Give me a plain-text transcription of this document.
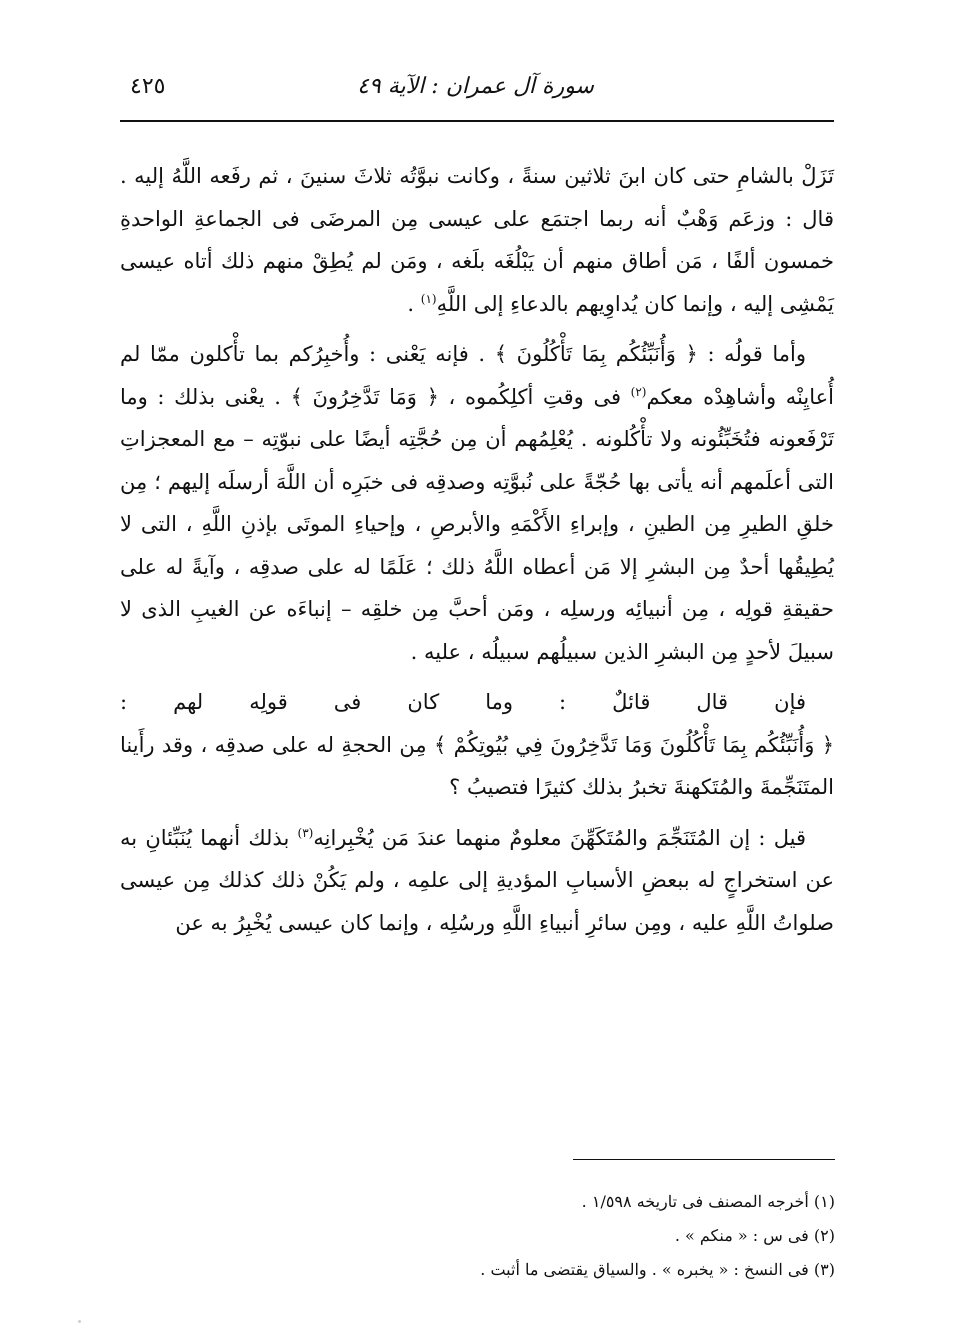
سورة آل عمران : الآية ٤٩
٤٢٥

تَزَلْ بالشامِ حتى كان ابنَ ثلاثين سنةً ، وكانت نبوَّتُه ثلاثَ سنينَ ، ثم رفَعه اللَّهُ إليه . قال : وزعَم وَهْبٌ أنه ربما اجتمَع على عيسى مِن المرضَى فى الجماعةِ الواحدةِ خمسون ألفًا ، مَن أطاق منهم أن يَبْلُغَه بلَغه ، ومَن لم يُطِقْ منهم ذلك أتاه عيسى يَمْشِى إليه ، وإنما كان يُداوِيهم بالدعاءِ إلى اللَّهِ$^{(١)}$ .

وأما قولُه : ﴿ وَأُنَبِّئُكُم بِمَا تَأْكُلُونَ ﴾ . فإنه يَعْنى : وأُخبِرُكم بما تأْكلون ممّا لم أُعايِنْه وأشاهِدْه معكم$^{(٢)}$ فى وقتِ أكلِكُموه ، ﴿ وَمَا تَدَّخِرُونَ ﴾ . يعْنى بذلك : وما تَرْفَعونه فتُخَبِّئُونه ولا تأْكُلونه . يُعْلِمُهم أن مِن حُجَّتِه أيضًا على نبوّتِه – مع المعجزاتِ التى أعلَمهم أنه يأتى بها حُجّةً على نُبوَّتِه وصدقِه فى خبَرِه أن اللَّهَ أرسلَه إليهم ؛ مِن خلقِ الطيرِ مِن الطينِ ، وإبراءِ الأَكْمَهِ والأبرصِ ، وإحياءِ الموتَى بإذنِ اللَّهِ ، التى لا يُطِيقُها أحدٌ مِن البشرِ إلا مَن أعطاه اللَّهُ ذلك ؛ عَلَمًا له على صدقِه ، وآيةً له على حقيقةِ قولِه ، مِن أنبيائِه ورسلِه ، ومَن أحبَّ مِن خلقِه – إنباءَه عن الغيبِ الذى لا سبيلَ لأحدٍ مِن البشرِ الذين سبيلُهم سبيلُه ، عليه .

فإن قال قائلٌ : وما كان فى قولِه لهم : ﴿ وَأُنَبِّئُكُم بِمَا تَأْكُلُونَ وَمَا تَدَّخِرُونَ فِي بُيُوتِكُمْ ﴾ مِن الحجةِ له على صدقِه ، وقد رأَينا المتَنَجِّمةَ والمُتَكهنةَ تخبرُ بذلك كثيرًا فتصيبُ ؟

قيل : إن المُتَنَجِّمَ والمُتَكَهِّنَ معلومٌ منهما عندَ مَن يُخْبِرانِه$^{(٣)}$ بذلك أنهما يُنَبِّئانِ به عن استخراجٍ له ببعضِ الأسبابِ المؤديةِ إلى علمِه ، ولم يَكُنْ ذلك كذلك مِن عيسى صلواتُ اللَّهِ عليه ، ومِن سائرِ أنبياءِ اللَّهِ ورسُلِه ، وإنما كان عيسى يُخْبِرُ به عن

(١) أخرجه المصنف فى تاريخه ١/٥٩٨ .

(٢) فى س : « منكم » .

(٣) فى النسخ : « يخبره » . والسياق يقتضى ما أثبت .
